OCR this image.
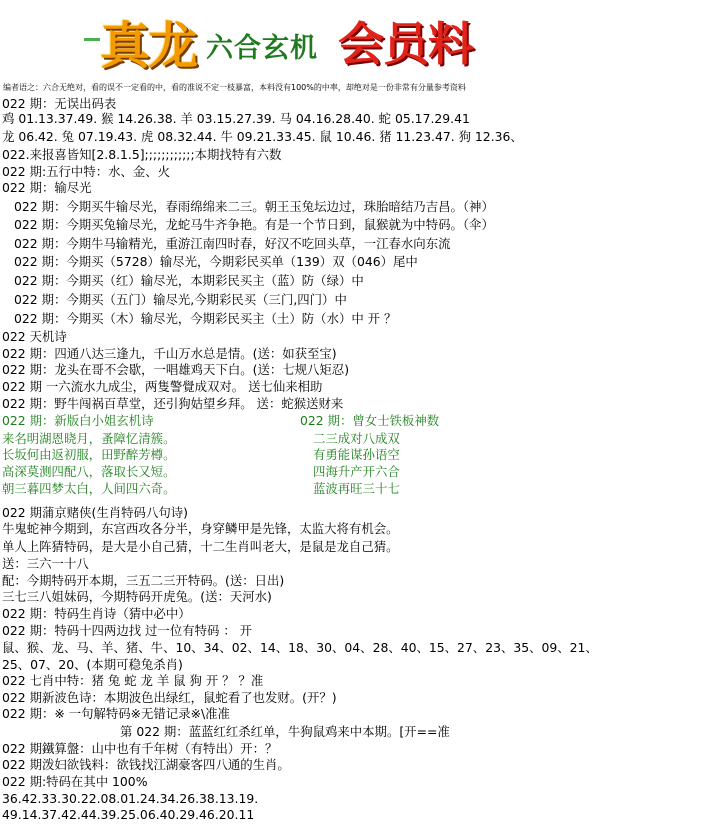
真龙 六合玄机 会员料
编者语之：六合无绝对，看的误不一定看的中，看的准说不定一枝暴富，本料没有100%的中率，却绝对是一份非常有分量参考资料
022 期：无误出码表
鸡 01.13.37.49. 猴 14.26.38. 羊 03.15.27.39. 马 04.16.28.40. 蛇 05.17.29.41
龙 06.42. 兔 07.19.43. 虎 08.32.44. 牛 09.21.33.45. 鼠 10.46. 猪 11.23.47. 狗 12.36、
022.来报喜皆知[2.8.1.5];;;;;;;;;;;;本期找特有六数
022 期:五行中特：水、金、火
022 期：输尽光
022 期：今期买牛输尽光，春雨绵绵来二三。朝王玉兔坛边过，珠胎暗结乃吉昌。（神）
022 期：今期买兔输尽光，龙蛇马牛齐争艳。有是一个节日到，鼠猴就为中特码。（伞）
022 期：今期牛马输精光，重游江南四时春，好汉不吃回头草，一江春水向东流
022 期：今期买（5728）输尽光，今期彩民买单（139）双（046）尾中
022 期：今期买（红）输尽光，本期彩民买主（蓝）防（绿）中
022 期：今期买（五门）输尽光,今期彩民买（三门,四门）中
022 期：今期买（木）输尽光，今期彩民买主（土）防（水）中 开 ？
022 天机诗
022 期：四通八达三逢九，千山万水总是情。(送：如获至宝)
022 期：龙头在哥不会歇，一唱雄鸡天下白。(送：七规八矩忍)
022 期 一六流水九成尘，两隻警覺成双对。 送七仙来相助
022 期：野牛闯祸百草堂，还引狗姑望乡拜。 送：蛇猴送财来
022 期：新版白小姐玄机诗	022 期：曾女士铁板神数
来名明湖恩晓月，蚤障忆清簇。	二三成对八成双
长坂何由返初服，田野醉芳樽。	有勇能谋孙语空
高深莫测四配八，落取长又短。	四海升产开六合
朝三暮四梦太白，人间四六奇。	蓝波再旺三十七
022 期蒲京赌侠(生肖特码八句诗)
牛鬼蛇神今期到，东宫西攻各分半，身穿鳞甲是先锋，太监大将有机会。
单人上阵猜特码，是大是小自己猜，十二生肖叫老大，是鼠是龙自己猜。
送：三六一十八
配：今期特码开本期，三五二三开特码。(送：日出)
三七三八姐妹码，今期特码开虎兔。(送：天河水)
022 期：特码生肖诗（猜中必中）
022 期：特码十四两边找 过一位有特码 ： 开
鼠、猴、龙、马、羊、猪、牛、10、34、02、14、18、30、04、28、40、15、27、23、35、09、21、
25、07、20、(本期可稳兔杀肖)
022 七肖中特：猪 兔 蛇 龙 羊 鼠 狗 开 ？ ？准
022 期新波色诗：本期波色出绿红，鼠蛇看了也发财。(开？)
022 期：※ 一句解特码※无错记录※\准准
第 022 期：蓝蓝红红杀红单，牛狗鼠鸡来中本期。[开==准
022 期鐵算盤：山中也有千年树（有特出）开：？
022 期泼妇欲钱料：欲钱找江湖豪客四八通的生肖。
022 期:特码在其中 100%
36.42.33.30.22.08.01.24.34.26.38.13.19.
49.14.37.42.44.39.25.06.40.29.46.20.11
